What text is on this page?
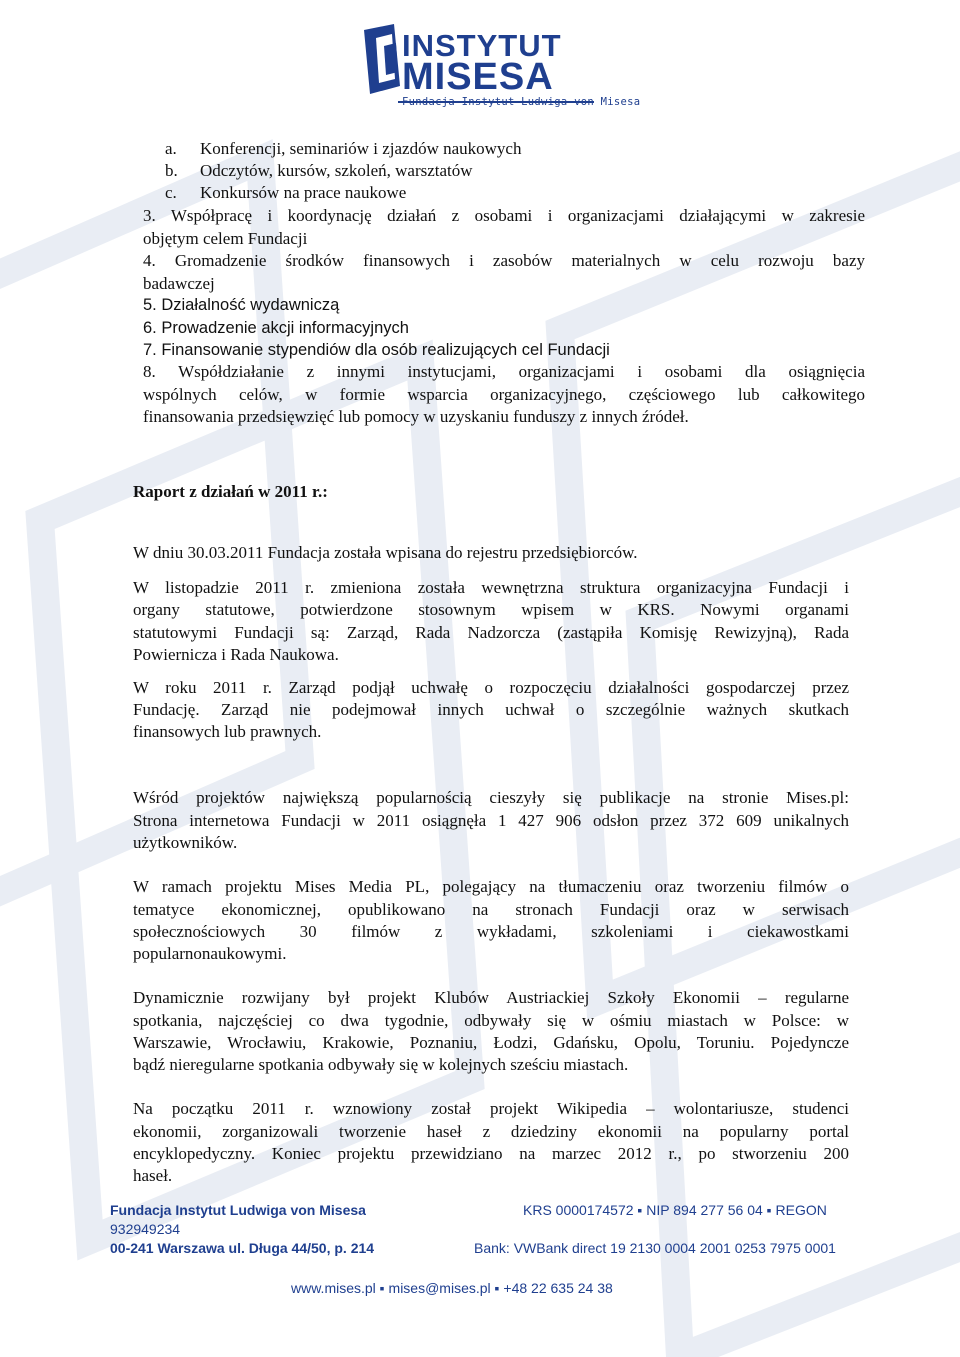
INSTYTUT
MISESA
Fundacja Instytut Ludwiga von Misesa
a. Konferencji, seminariów i zjazdów naukowych
b. Odczytów, kursów, szkoleń, warsztatów
c. Konkursów na prace naukowe
3. Współpracę i koordynację działań z osobami i organizacjami działającymi w zakresie
objętym celem Fundacji
4. Gromadzenie środków finansowych i zasobów materialnych w celu rozwoju bazy
badawczej
5. Działalność wydawniczą
6. Prowadzenie akcji informacyjnych
7. Finansowanie stypendiów dla osób realizujących cel Fundacji
8. Współdziałanie z innymi instytucjami, organizacjami i osobami dla osiągnięcia
wspólnych celów, w formie wsparcia organizacyjnego, częściowego lub całkowitego
finansowania przedsięwzięć lub pomocy w uzyskaniu funduszy z innych źródeł.
Raport z działań w 2011 r.:
W dniu 30.03.2011 Fundacja została wpisana do rejestru przedsiębiorców.
W listopadzie 2011 r. zmieniona została wewnętrzna struktura organizacyjna Fundacji i
organy statutowe, potwierdzone stosownym wpisem w KRS. Nowymi organami
statutowymi Fundacji są: Zarząd, Rada Nadzorcza (zastąpiła Komisję Rewizyjną), Rada
Powiernicza i Rada Naukowa.
W roku 2011 r. Zarząd podjął uchwałę o rozpoczęciu działalności gospodarczej przez
Fundację. Zarząd nie podejmował innych uchwał o szczególnie ważnych skutkach
finansowych lub prawnych.
Wśród projektów największą popularnością cieszyły się publikacje na stronie Mises.pl:
Strona internetowa Fundacji w 2011 osiągnęła 1 427 906 odsłon przez 372 609 unikalnych
użytkowników.
W ramach projektu Mises Media PL, polegający na tłumaczeniu oraz tworzeniu filmów o
tematyce ekonomicznej, opublikowano na stronach Fundacji oraz w serwisach
społecznościowych 30 filmów z wykładami, szkoleniami i ciekawostkami
popularnonaukowymi.
Dynamicznie rozwijany był projekt Klubów Austriackiej Szkoły Ekonomii – regularne
spotkania, najczęściej co dwa tygodnie, odbywały się w ośmiu miastach w Polsce: w
Warszawie, Wrocławiu, Krakowie, Poznaniu, Łodzi, Gdańsku, Opolu, Toruniu. Pojedyncze
bądź nieregularne spotkania odbywały się w kolejnych sześciu miastach.
Na początku 2011 r. wznowiony został projekt Wikipedia – wolontariusze, studenci
ekonomii, zorganizowali tworzenie haseł z dziedziny ekonomii na popularny portal
encyklopedyczny. Koniec projektu przewidziano na marzec 2012 r., po stworzeniu 200
haseł.
Fundacja Instytut Ludwiga von Misesa	KRS 0000174572 ▪ NIP 894 277 56 04 ▪ REGON
932949234
00-241 Warszawa ul. Długa 44/50, p. 214	Bank: VWBank direct 19 2130 0004 2001 0253 7975 0001
www.mises.pl ▪ mises@mises.pl ▪ +48 22 635 24 38
